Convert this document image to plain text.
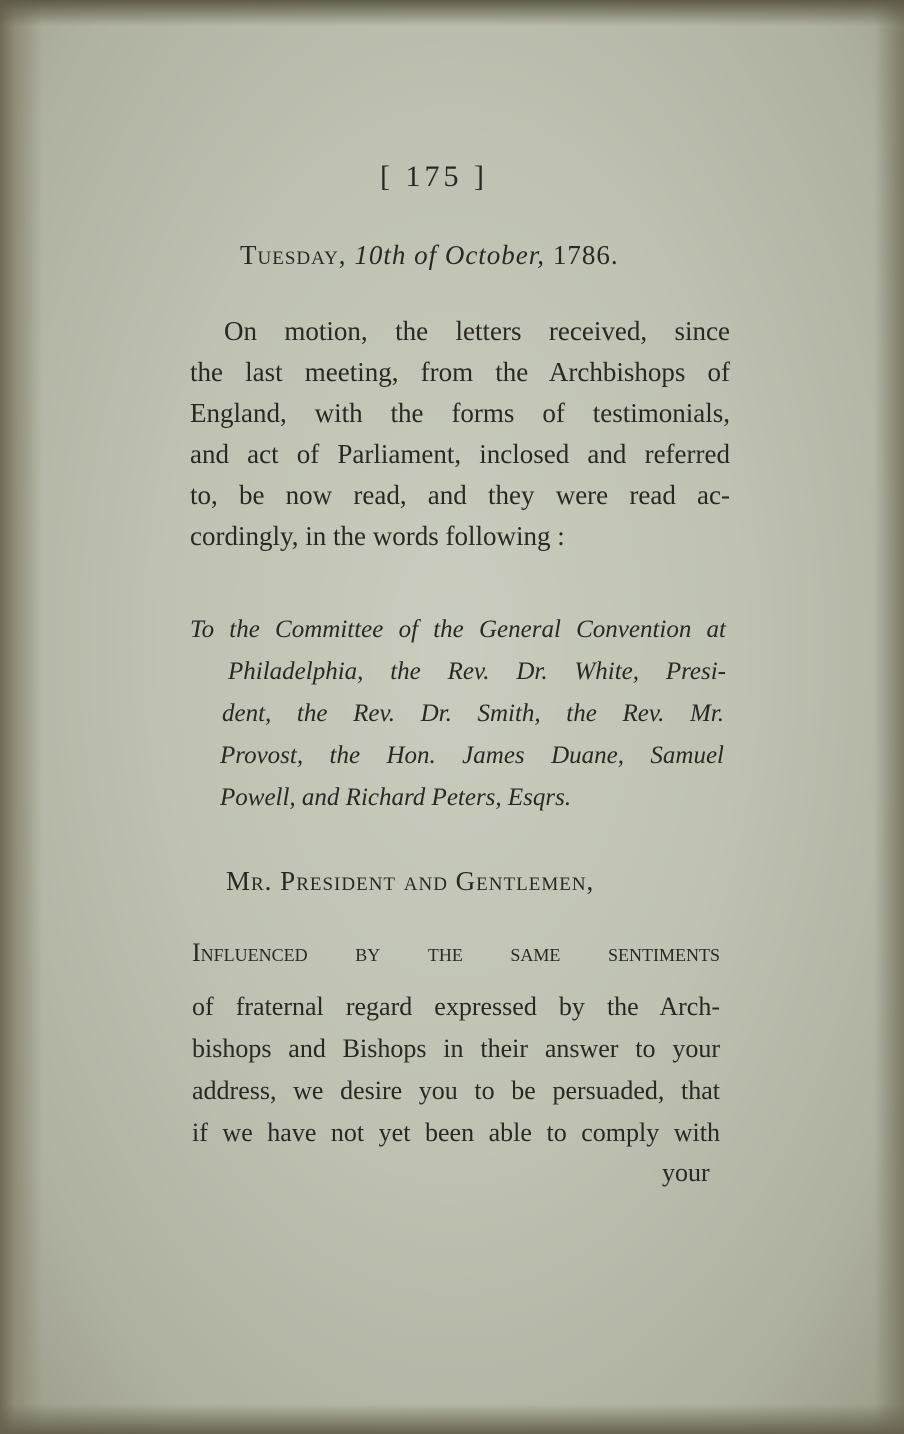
[ 175 ]
Tuesday, 10th of October, 1786.
On motion, the letters received, since
the last meeting, from the Archbishops of
England, with the forms of testimonials,
and act of Parliament, inclosed and referred
to, be now read, and they were read ac-
cordingly, in the words following :
To the Committee of the General Convention at
Philadelphia, the Rev. Dr. White, Presi-
dent, the Rev. Dr. Smith, the Rev. Mr.
Provost, the Hon. James Duane, Samuel
Powell, and Richard Peters, Esqrs.
Mr. President and Gentlemen,
Influenced by the same sentiments
of fraternal regard expressed by the Arch-
bishops and Bishops in their answer to your
address, we desire you to be persuaded, that
if we have not yet been able to comply with
your
